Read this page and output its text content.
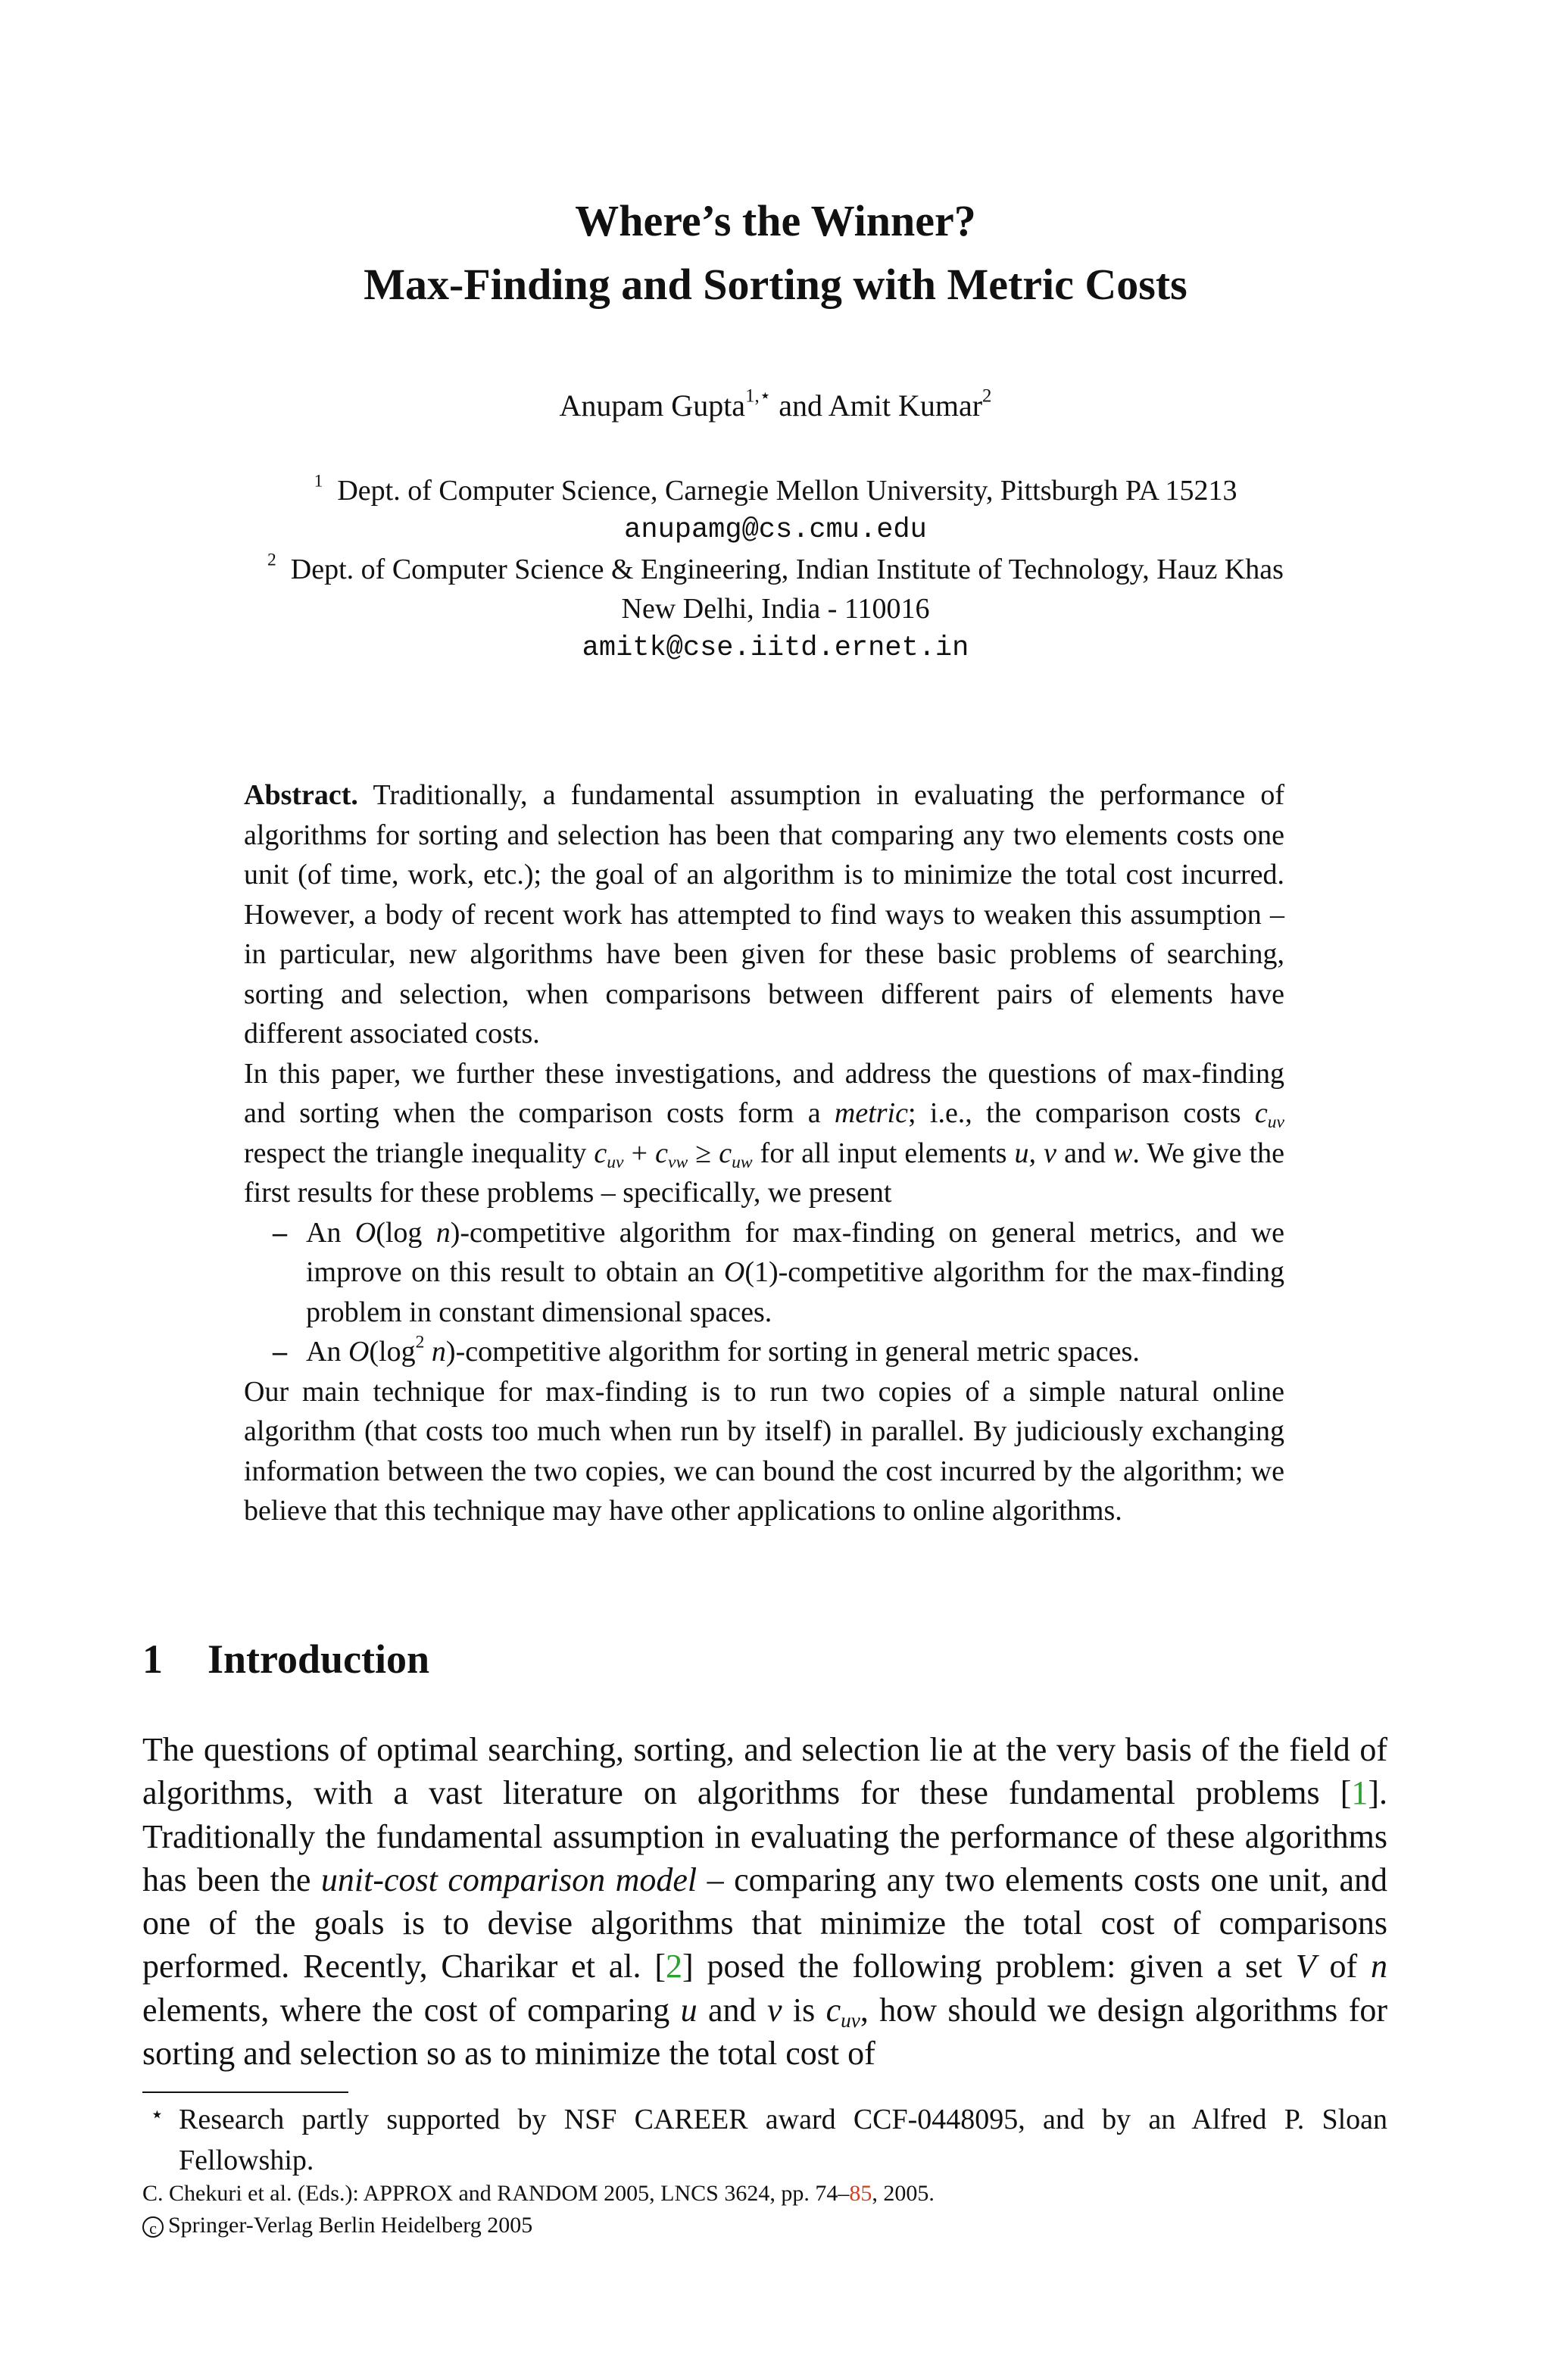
Where’s the Winner?
Max-Finding and Sorting with Metric Costs
Anupam Gupta$^{1,⋆}$ and Amit Kumar$^2$
$^1$ Dept. of Computer Science, Carnegie Mellon University, Pittsburgh PA 15213
anupamg@cs.cmu.edu
$^2$ Dept. of Computer Science & Engineering, Indian Institute of Technology, Hauz Khas
New Delhi, India - 110016
amitk@cse.iitd.ernet.in

Abstract. Traditionally, a fundamental assumption in evaluating the performance of algorithms for sorting and selection has been that comparing any two elements costs one unit (of time, work, etc.); the goal of an algorithm is to minimize the total cost incurred. However, a body of recent work has attempted to find ways to weaken this assumption – in particular, new algorithms have been given for these basic problems of searching, sorting and selection, when comparisons between different pairs of elements have different associated costs.

In this paper, we further these investigations, and address the questions of max-finding and sorting when the comparison costs form a metric; i.e., the comparison costs $c_{uv}$ respect the triangle inequality $c_{uv} + c_{vw} \ge c_{uw}$ for all input elements u, v and w. We give the first results for these problems – specifically, we present

– An O(log n)-competitive algorithm for max-finding on general metrics, and we improve on this result to obtain an O(1)-competitive algorithm for the max-finding problem in constant dimensional spaces.

– An $O(\log^2$ n)-competitive algorithm for sorting in general metric spaces.

Our main technique for max-finding is to run two copies of a simple natural online algorithm (that costs too much when run by itself) in parallel. By judiciously exchanging information between the two copies, we can bound the cost incurred by the algorithm; we believe that this technique may have other applications to online algorithms.

1 Introduction

The questions of optimal searching, sorting, and selection lie at the very basis of the field of algorithms, with a vast literature on algorithms for these fundamental problems [1]. Traditionally the fundamental assumption in evaluating the performance of these algorithms has been the unit-cost comparison model – comparing any two elements costs one unit, and one of the goals is to devise algorithms that minimize the total cost of comparisons performed. Recently, Charikar et al. [2] posed the following problem: given a set V of n elements, where the cost of comparing u and v is $c_{uv}$, how should we design algorithms for sorting and selection so as to minimize the total cost of

⋆ Research partly supported by NSF CAREER award CCF-0448095, and by an Alfred P. Sloan Fellowship.
C. Chekuri et al. (Eds.): APPROX and RANDOM 2005, LNCS 3624, pp. 74–85, 2005.
c Springer-Verlag Berlin Heidelberg 2005
